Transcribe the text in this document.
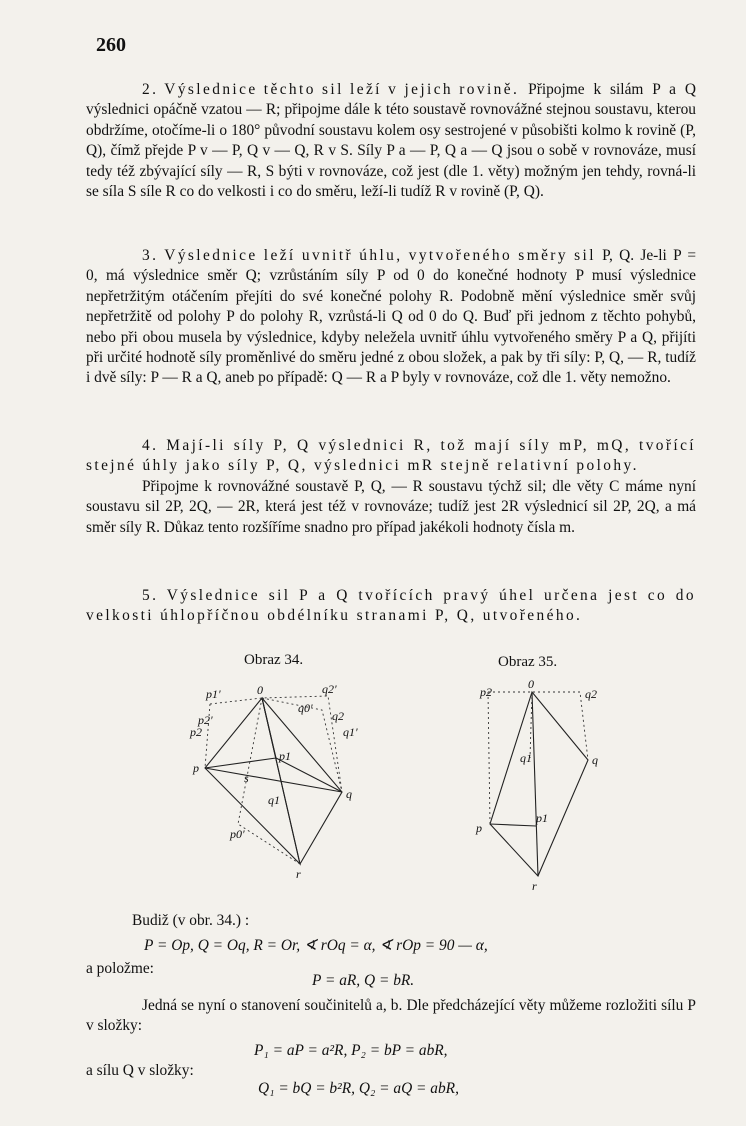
260

2. Výslednice těchto sil leží v jejich rovině. Připojme k silám P a Q výslednici opáčně vzatou — R; připojme dále k této soustavě rovnovážné stejnou soustavu, kterou obdržíme, otočíme-li o 180° původní soustavu kolem osy sestrojené v působišti kolmo k rovině (P, Q), čímž přejde P v — P, Q v — Q, R v S. Síly P a — P, Q a — Q jsou o sobě v rovnováze, musí tedy též zbývající síly — R, S býti v rovnováze, což jest (dle 1. věty) možným jen tehdy, rovná-li se síla S síle R co do velkosti i co do směru, leží-li tudíž R v rovině (P, Q).

3. Výslednice leží uvnitř úhlu, vytvořeného směry sil P, Q. Je-li P = 0, má výslednice směr Q; vzrůstáním síly P od 0 do konečné hodnoty P musí výslednice nepřetržitým otáčením přejíti do své konečné polohy R. Podobně mění výslednice směr svůj nepřetržitě od polohy P do polohy R, vzrůstá-li Q od 0 do Q. Buď při jednom z těchto pohybů, nebo při obou musela by výslednice, kdyby neležela uvnitř úhlu vytvořeného směry P a Q, přijíti při určité hodnotě síly proměnlivé do směru jedné z obou složek, a pak by tři síly: P, Q, — R, tudíž i dvě síly: P — R a Q, aneb po případě: Q — R a P byly v rovnováze, což dle 1. věty nemožno.

4. Mají-li síly P, Q výslednici R, tož mají síly mP, mQ, tvořící stejné úhly jako síly P, Q, výslednici mR stejně relativní polohy.

Připojme k rovnovážné soustavě P, Q, — R soustavu týchž sil; dle věty C máme nyní soustavu sil 2P, 2Q, — 2R, která jest též v rovnováze; tudíž jest 2R výslednicí sil 2P, 2Q, a má směr síly R. Důkaz tento rozšíříme snadno pro případ jakékoli hodnoty čísla m.

5. Výslednice sil P a Q tvořících pravý úhel určena jest co do velkosti úhlopříčnou obdélníku stranami P, Q, utvořeného.

Obraz 34.	Obraz 35.
p1'	0	q2'
q2
p2'
q0'
q1'
p2
p
p1
s
q
q1
p0'
r
p2
0
q2
q1	q
p
p1
r
Budiž (v obr. 34.) :
P = Op, Q = Oq, R = Or, ∢ rOq = α, ∢ rOp = 90 — α,
a položme:
P = aR, Q = bR.

Jedná se nyní o stanovení součinitelů a, b. Dle předcházející věty můžeme rozložiti sílu P v složky:

P₁ = aP = a²R, P₂ = bP = abR,
a sílu Q v složky:
Q₁ = bQ = b²R, Q₂ = aQ = abR,
